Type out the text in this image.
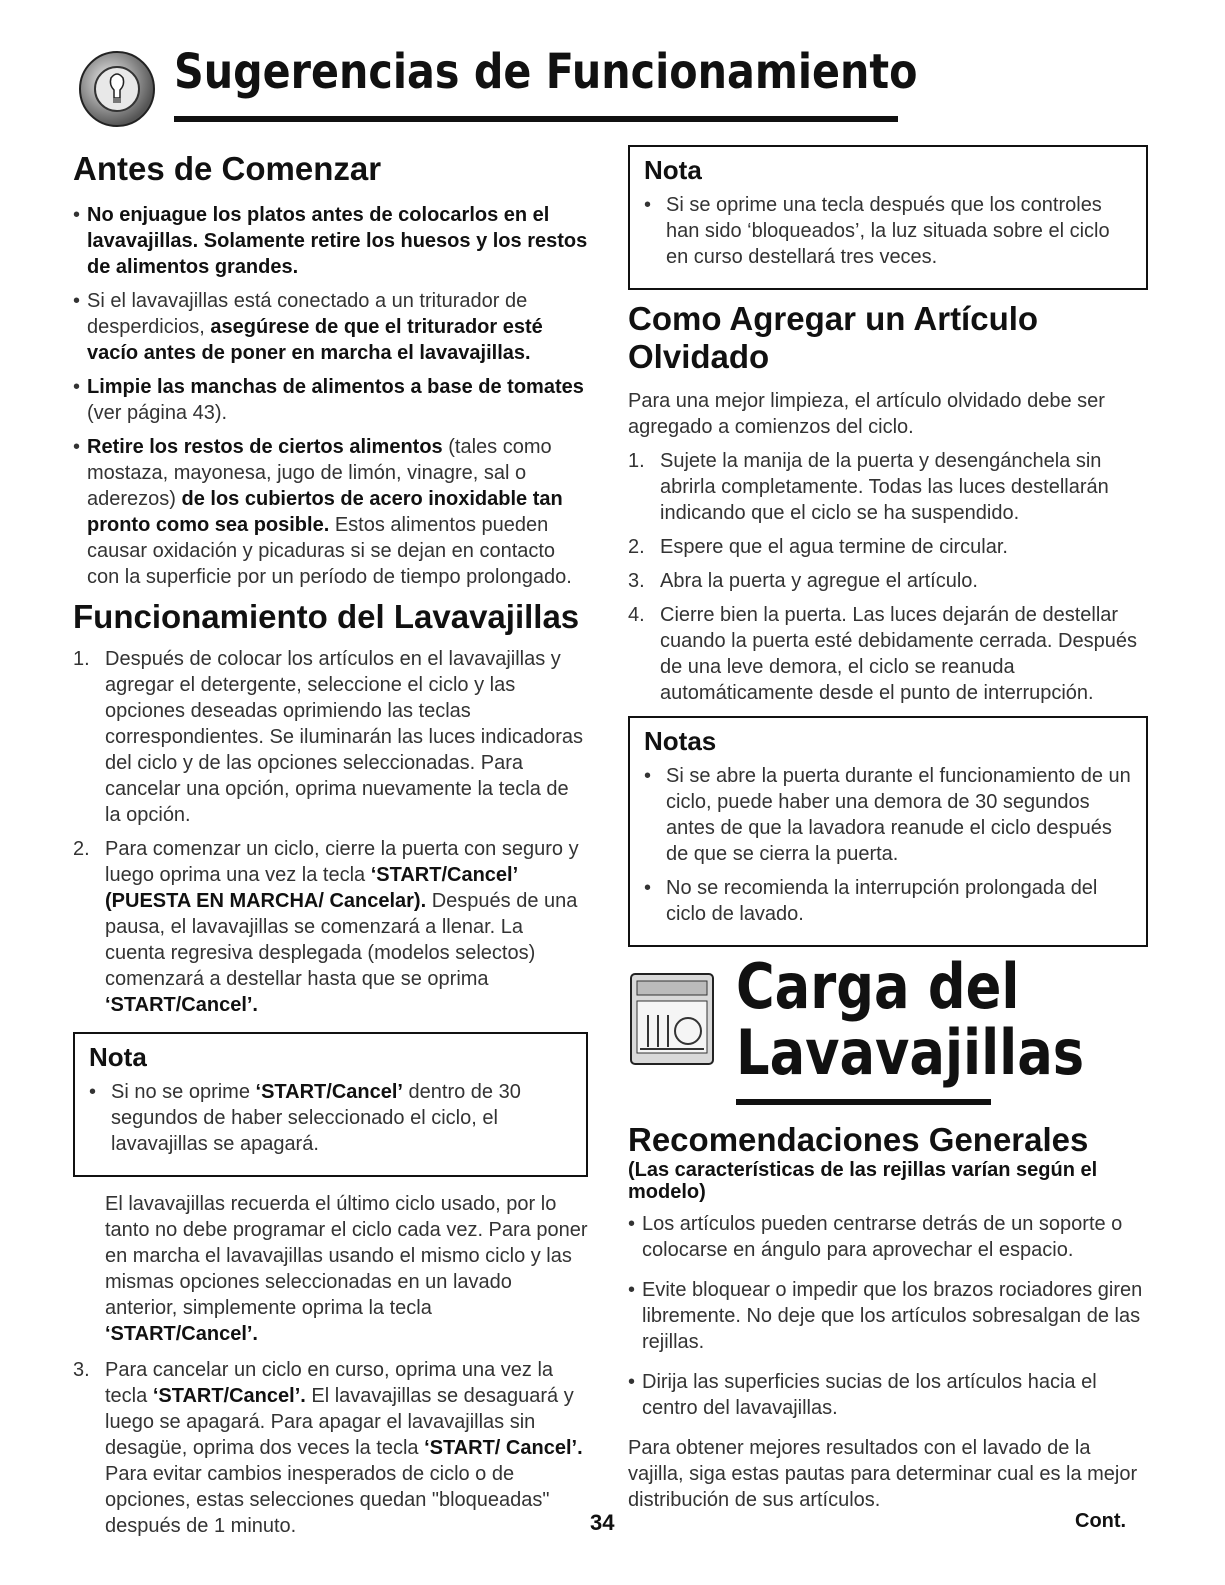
Sugerencias de Funcionamiento
Antes de Comenzar
• No enjuague los platos antes de colocarlos en el lavavajillas. Solamente retire los huesos y los restos de alimentos grandes.
• Si el lavavajillas está conectado a un triturador de desperdicios, asegúrese de que el triturador esté vacío antes de poner en marcha el lavavajillas.
• Limpie las manchas de alimentos a base de tomates (ver página 43).
• Retire los restos de ciertos alimentos (tales como mostaza, mayonesa, jugo de limón, vinagre, sal o aderezos) de los cubiertos de acero inoxidable tan pronto como sea posible. Estos alimentos pueden causar oxidación y picaduras si se dejan en contacto con la superficie por un período de tiempo prolongado.
Funcionamiento del Lavavajillas
1. Después de colocar los artículos en el lavavajillas y agregar el detergente, seleccione el ciclo y las opciones deseadas oprimiendo las teclas correspondientes. Se iluminarán las luces indicadoras del ciclo y de las opciones seleccionadas. Para cancelar una opción, oprima nuevamente la tecla de la opción.
2. Para comenzar un ciclo, cierre la puerta con seguro y luego oprima una vez la tecla ‘START/Cancel’ (PUESTA EN MARCHA/ Cancelar). Después de una pausa, el lavavajillas se comenzará a llenar. La cuenta regresiva desplegada (modelos selectos) comenzará a destellar hasta que se oprima ‘START/Cancel’.
Nota
• Si no se oprime ‘START/Cancel’ dentro de 30 segundos de haber seleccionado el ciclo, el lavavajillas se apagará.

El lavavajillas recuerda el último ciclo usado, por lo tanto no debe programar el ciclo cada vez. Para poner en marcha el lavavajillas usando el mismo ciclo y las mismas opciones seleccionadas en un lavado anterior, simplemente oprima la tecla ‘START/Cancel’.

3. Para cancelar un ciclo en curso, oprima una vez la tecla ‘START/Cancel’. El lavavajillas se desaguará y luego se apagará. Para apagar el lavavajillas sin desagüe, oprima dos veces la tecla ‘START/ Cancel’. Para evitar cambios inesperados de ciclo o de opciones, estas selecciones quedan "bloqueadas" después de 1 minuto.
Nota
• Si se oprime una tecla después que los controles han sido ‘bloqueados’, la luz situada sobre el ciclo en curso destellará tres veces.
Como Agregar un Artículo Olvidado

Para una mejor limpieza, el artículo olvidado debe ser agregado a comienzos del ciclo.

1. Sujete la manija de la puerta y desengánchela sin abrirla completamente. Todas las luces destellarán indicando que el ciclo se ha suspendido.
2. Espere que el agua termine de circular.
3. Abra la puerta y agregue el artículo.
4. Cierre bien la puerta. Las luces dejarán de destellar cuando la puerta esté debidamente cerrada. Después de una leve demora, el ciclo se reanuda automáticamente desde el punto de interrupción.
Notas
• Si se abre la puerta durante el funcionamiento de un ciclo, puede haber una demora de 30 segundos antes de que la lavadora reanude el ciclo después de que se cierra la puerta.
• No se recomienda la interrupción prolongada del ciclo de lavado.
Carga del
Lavavajillas
Recomendaciones Generales
(Las características de las rejillas varían según el modelo)
• Los artículos pueden centrarse detrás de un soporte o colocarse en ángulo para aprovechar el espacio.
• Evite bloquear o impedir que los brazos rociadores giren libremente. No deje que los artículos sobresalgan de las rejillas.
• Dirija las superficies sucias de los artículos hacia el centro del lavavajillas.

Para obtener mejores resultados con el lavado de la vajilla, siga estas pautas para determinar cual es la mejor distribución de sus artículos.

34	Cont.
